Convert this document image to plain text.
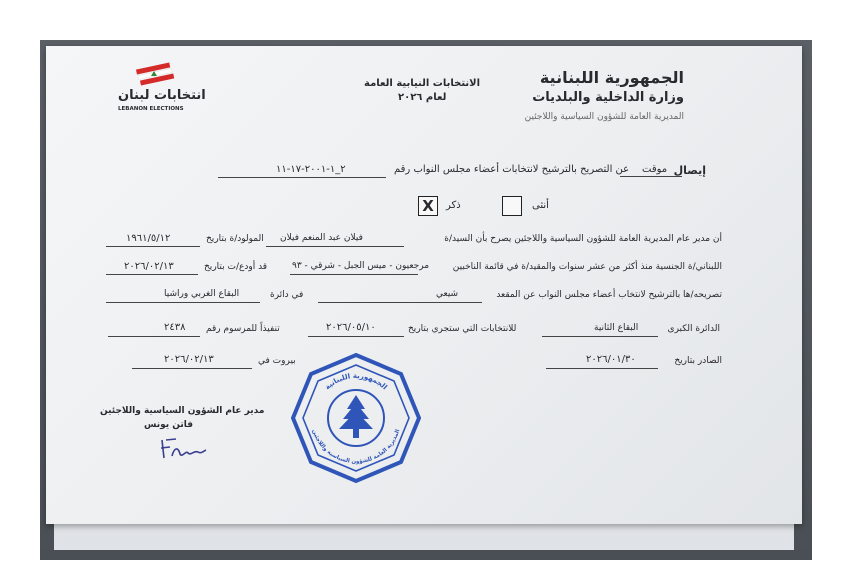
الجمهورية اللبنانية
وزارة الداخلية والبلديات
المديرية العامة للشؤون السياسية واللاجئين
الانتخابات النيابية العامة
لعام ٢٠٢٦
انتخابات لبنان
LEBANON ELECTIONS
إيصال
موقت
عن التصريح بالترشيح لانتخابات أعضاء مجلس النواب رقم
٢_١-٢٠٠١-١٧-١١
أنثى
ذكر
X
أن مدير عام المديرية العامة للشؤون السياسية واللاجئين يصرح بأن السيد/ة
فيلان عبد المنعم فيلان
المولود/ة بتاريخ
١٩٦١/٥/١٢
اللبناني/ة الجنسية منذ أكثر من عشر سنوات والمقيد/ة في قائمة الناخبين
مرجعيون - ميس الجبل - شرقي - ٩٣
قد أودع/ت بتاريخ
٢٠٢٦/٠٢/١٣
تصريحه/ها بالترشيح لانتخاب أعضاء مجلس النواب عن المقعد
شيعي
في دائرة
البقاع الغربي وراشيا
الدائرة الكبرى
البقاع الثانية
للانتخابات التي ستجري بتاريخ
٢٠٢٦/٠٥/١٠
تنفيذاً للمرسوم رقم
٢٤٣٨
الصادر بتاريخ
٢٠٢٦/٠١/٣٠
بيروت في
٢٠٢٦/٠٢/١٣
مدير عام الشؤون السياسية واللاجئين
فاتن يونس
الجمهورية اللبنانية
المديرية العامة للشؤون السياسية واللاجئين
